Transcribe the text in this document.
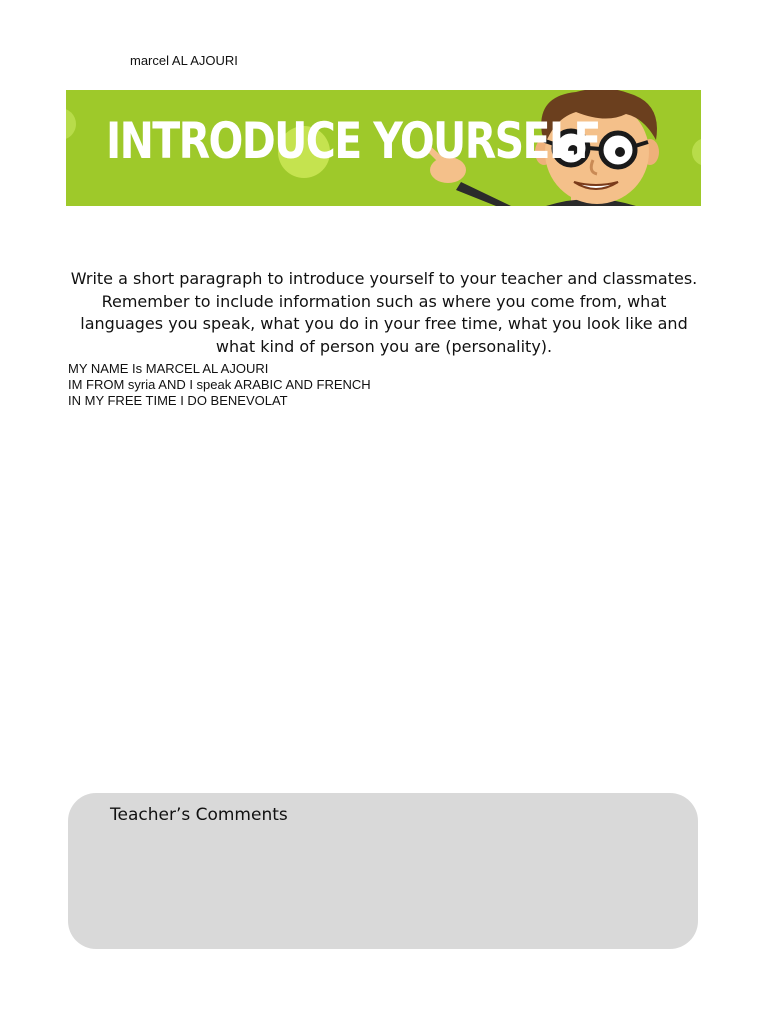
marcel AL AJOURI
INTRODUCE YOURSELF

Write a short paragraph to introduce yourself to your teacher and classmates. Remember to include information such as where you come from, what languages you speak, what you do in your free time, what you look like and what kind of person you are (personality).

MY NAME Is MARCEL AL AJOURI
IM FROM syria AND I speak ARABIC AND FRENCH
IN MY FREE TIME I DO BENEVOLAT
Teacher’s Comments
